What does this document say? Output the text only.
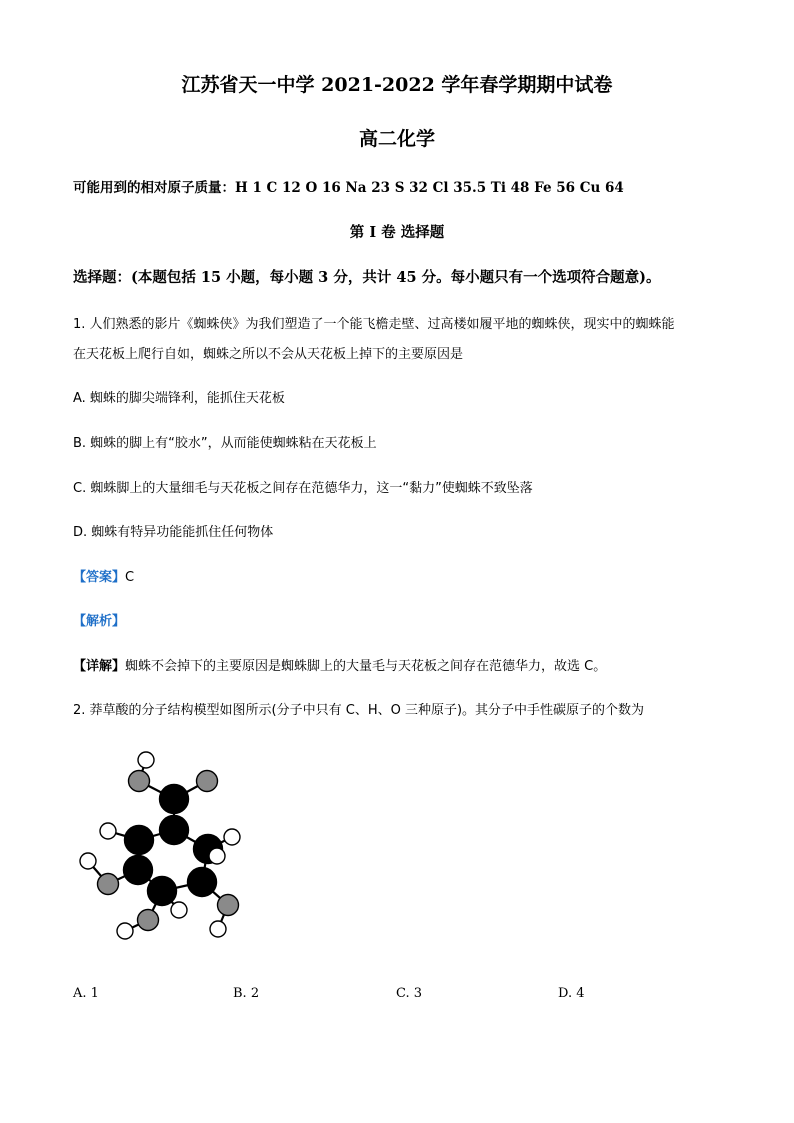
江苏省天一中学 2021-2022 学年春学期期中试卷
高二化学
可能用到的相对原子质量：H 1 C 12 O 16 Na 23 S 32 Cl 35.5 Ti 48 Fe 56 Cu 64
第 I 卷 选择题
选择题：(本题包括 15 小题，每小题 3 分，共计 45 分。每小题只有一个选项符合题意)。
1. 人们熟悉的影片《蜘蛛侠》为我们塑造了一个能飞檐走壁、过高楼如履平地的蜘蛛侠，现实中的蜘蛛能
在天花板上爬行自如，蜘蛛之所以不会从天花板上掉下的主要原因是
A. 蜘蛛的脚尖端锋利，能抓住天花板
B. 蜘蛛的脚上有“胶水”，从而能使蜘蛛粘在天花板上
C. 蜘蛛脚上的大量细毛与天花板之间存在范德华力，这一“黏力”使蜘蛛不致坠落
D. 蜘蛛有特异功能能抓住任何物体
【答案】C
【解析】
【详解】蜘蛛不会掉下的主要原因是蜘蛛脚上的大量毛与天花板之间存在范德华力，故选 C。
2. 莽草酸的分子结构模型如图所示(分子中只有 C、H、O 三种原子)。其分子中手性碳原子的个数为
A. 1	B. 2	C. 3	D. 4
